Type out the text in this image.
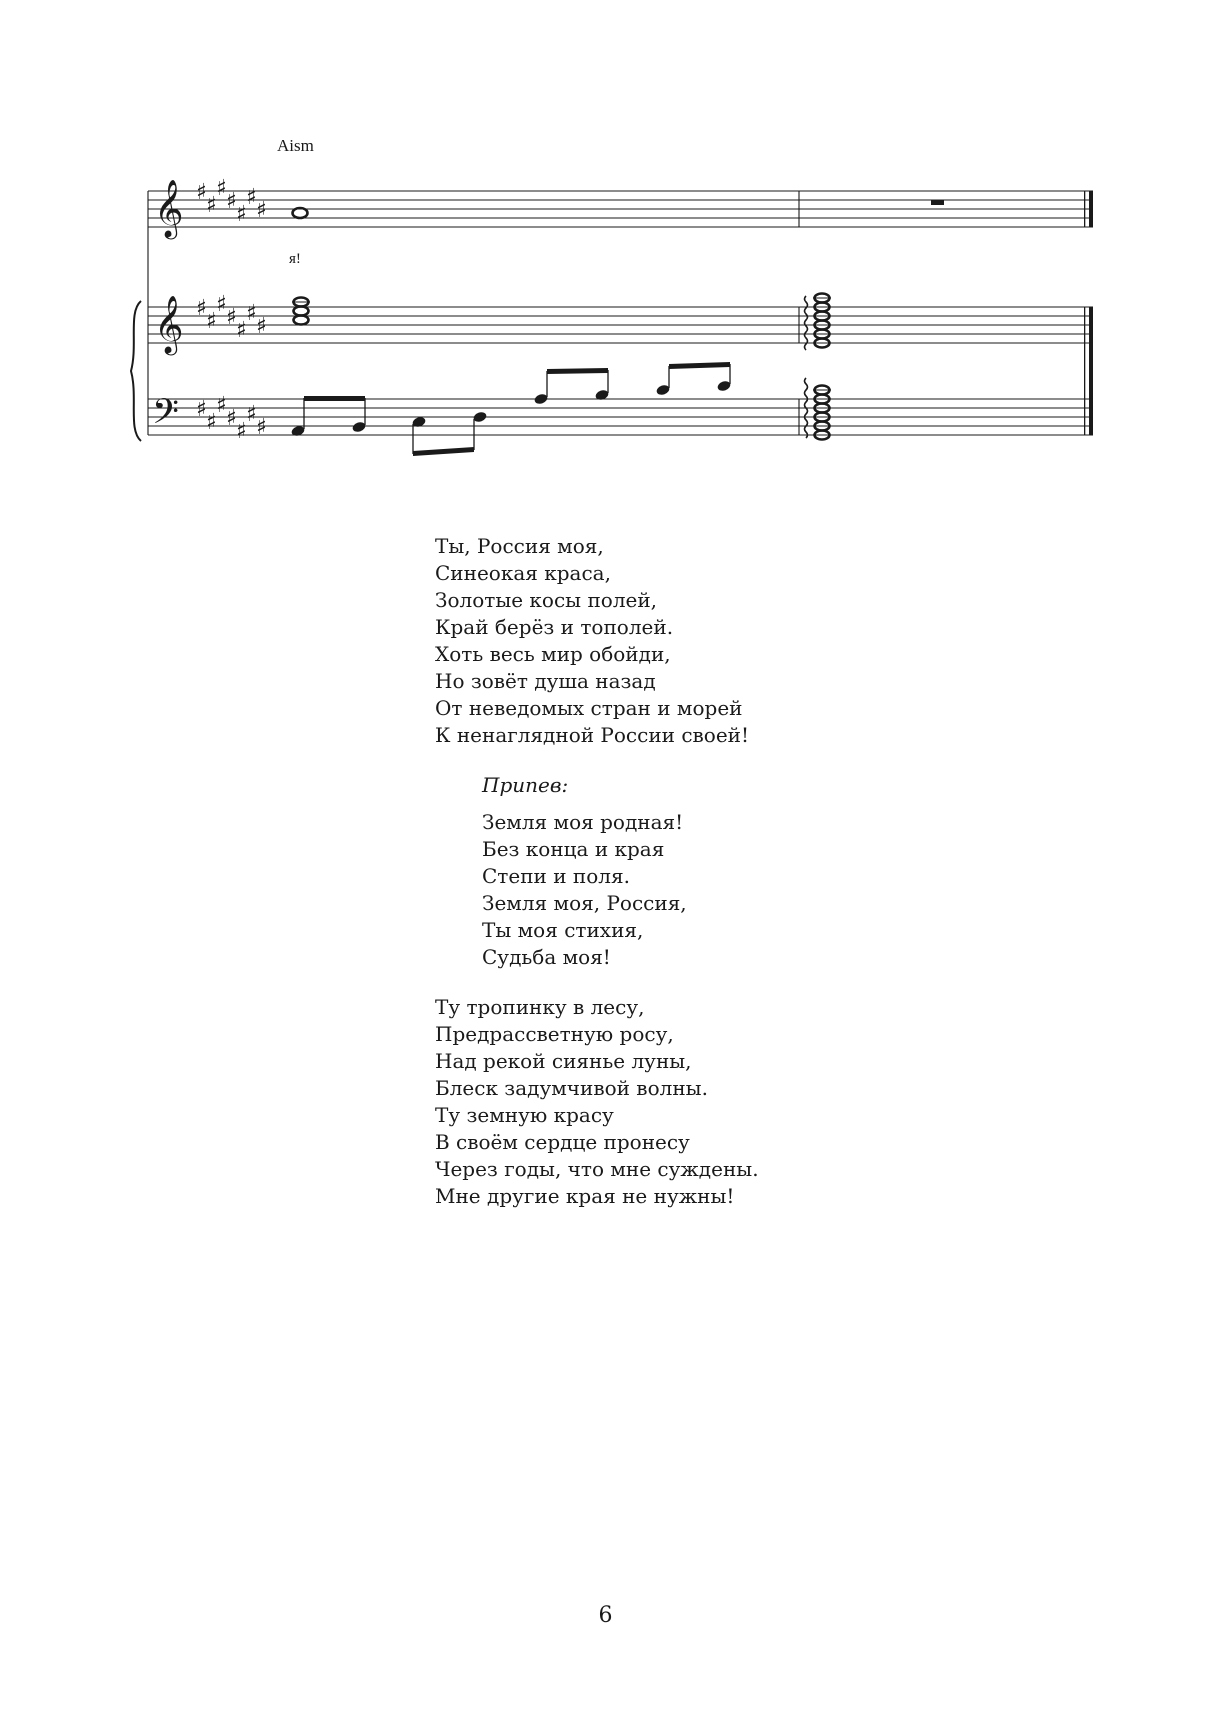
𝄞
𝄞
𝄢
♯
♯
♯
♯
♯
♯
♯
♯
♯
♯
♯
♯
♯
♯
♯
♯
♯
♯
♯
♯
♯
Aism
я!
Ты, Россия моя,
Синеокая краса,
Золотые косы полей,
Край берёз и тополей.
Хоть весь мир обойди,
Но зовёт душа назад
От неведомых стран и морей
К ненаглядной России своей!
Припев:
Земля моя родная!
Без конца и края
Степи и поля.
Земля моя, Россия,
Ты моя стихия,
Судьба моя!
Ту тропинку в лесу,
Предрассветную росу,
Над рекой сиянье луны,
Блеск задумчивой волны.
Ту земную красу
В своём сердце пронесу
Через годы, что мне суждены.
Мне другие края не нужны!
6
